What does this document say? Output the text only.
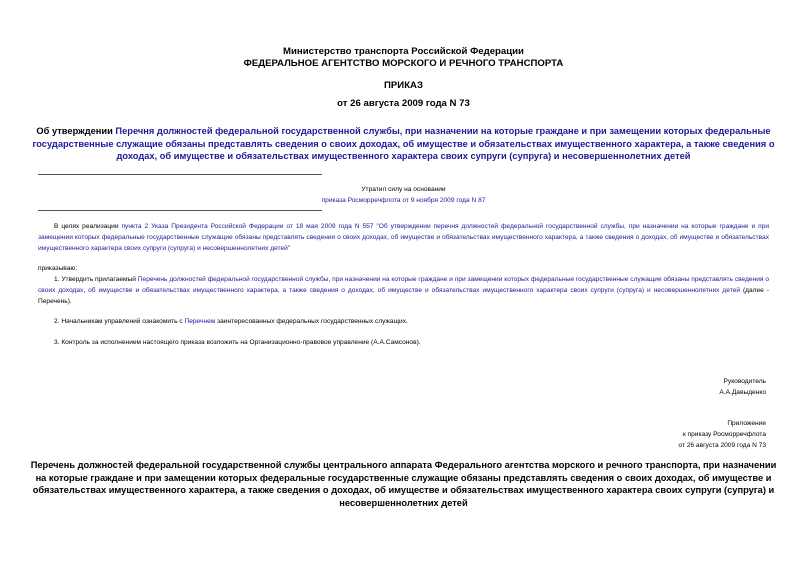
Министерство транспорта Российской Федерации
ФЕДЕРАЛЬНОЕ АГЕНТСТВО МОРСКОГО И РЕЧНОГО ТРАНСПОРТА
ПРИКАЗ
от 26 августа 2009 года N 73
Об утверждении Перечня должностей федеральной государственной службы, при назначении на которые граждане и при замещении которых федеральные государственные служащие обязаны представлять сведения о своих доходах, об имуществе и обязательствах имущественного характера, а также сведения о доходах, об имуществе и обязательствах имущественного характера своих супруги (супруга) и несовершеннолетних детей
Утратил силу на основании
приказа Росморречфлота от 9 ноября 2009 года N 87
В целях реализации пункта 2 Указа Президента Российской Федерации от 18 мая 2009 года N 557 "Об утверждении перечня должностей федеральной государственной службы, при назначении на которые граждане и при замещении которых федеральные государственные служащие обязаны представлять сведения о своих доходах, об имуществе и обязательствах имущественного характера, а также сведения о доходах, об имуществе и обязательствах имущественного характера своих супруги (супруга) и несовершеннолетних детей"
приказываю:
1. Утвердить прилагаемый Перечень должностей федеральной государственной службы, при назначении на которые граждане и при замещении которых федеральные государственные служащие обязаны представлять сведения о своих доходах, об имуществе и обязательствах имущественного характера, а также сведения о доходах, об имуществе и обязательствах имущественного характера своих супруги (супруга) и несовершеннолетних детей (далее - Перечень).
2. Начальникам управлений ознакомить с Перечнем заинтересованных федеральных государственных служащих.
3. Контроль за исполнением настоящего приказа возложить на Организационно-правовое управление (А.А.Самсонов).
Руководитель
А.А.Давыденко
Приложение
к приказу Росморречфлота
от 26 августа 2009 года N 73
Перечень должностей федеральной государственной службы центрального аппарата Федерального агентства морского и речного транспорта, при назначении на которые граждане и при замещении которых федеральные государственные служащие обязаны представлять сведения о своих доходах, об имуществе и обязательствах имущественного характера, а также сведения о доходах, об имуществе и обязательствах имущественного характера своих супруги (супруга) и несовершеннолетних детей
